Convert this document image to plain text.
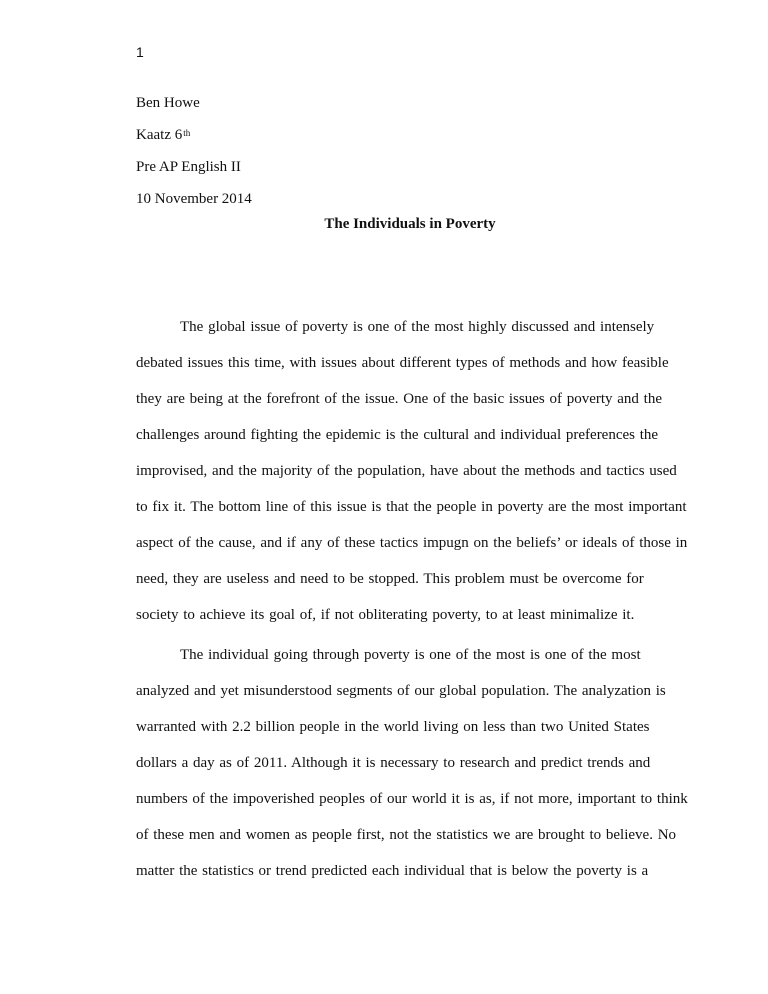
1
Ben Howe
Kaatz 6th
Pre AP English II
10 November 2014
The Individuals in Poverty
The global issue of poverty is one of the most highly discussed and intensely
debated issues this time, with issues about different types of methods and how feasible
they are being at the forefront of the issue. One of the basic issues of poverty and the
challenges around fighting the epidemic is the cultural and individual preferences the
improvised, and the majority of the population, have about the methods and tactics used
to fix it. The bottom line of this issue is that the people in poverty are the most important
aspect of the cause, and if any of these tactics impugn on the beliefs’ or ideals of those in
need, they are useless and need to be stopped. This problem must be overcome for
society to achieve its goal of, if not obliterating poverty, to at least minimalize it.
The individual going through poverty is one of the most is one of the most
analyzed and yet misunderstood segments of our global population. The analyzation is
warranted with 2.2 billion people in the world living on less than two United States
dollars a day as of 2011. Although it is necessary to research and predict trends and
numbers of the impoverished peoples of our world it is as, if not more, important to think
of these men and women as people first, not the statistics we are brought to believe. No
matter the statistics or trend predicted each individual that is below the poverty is a
